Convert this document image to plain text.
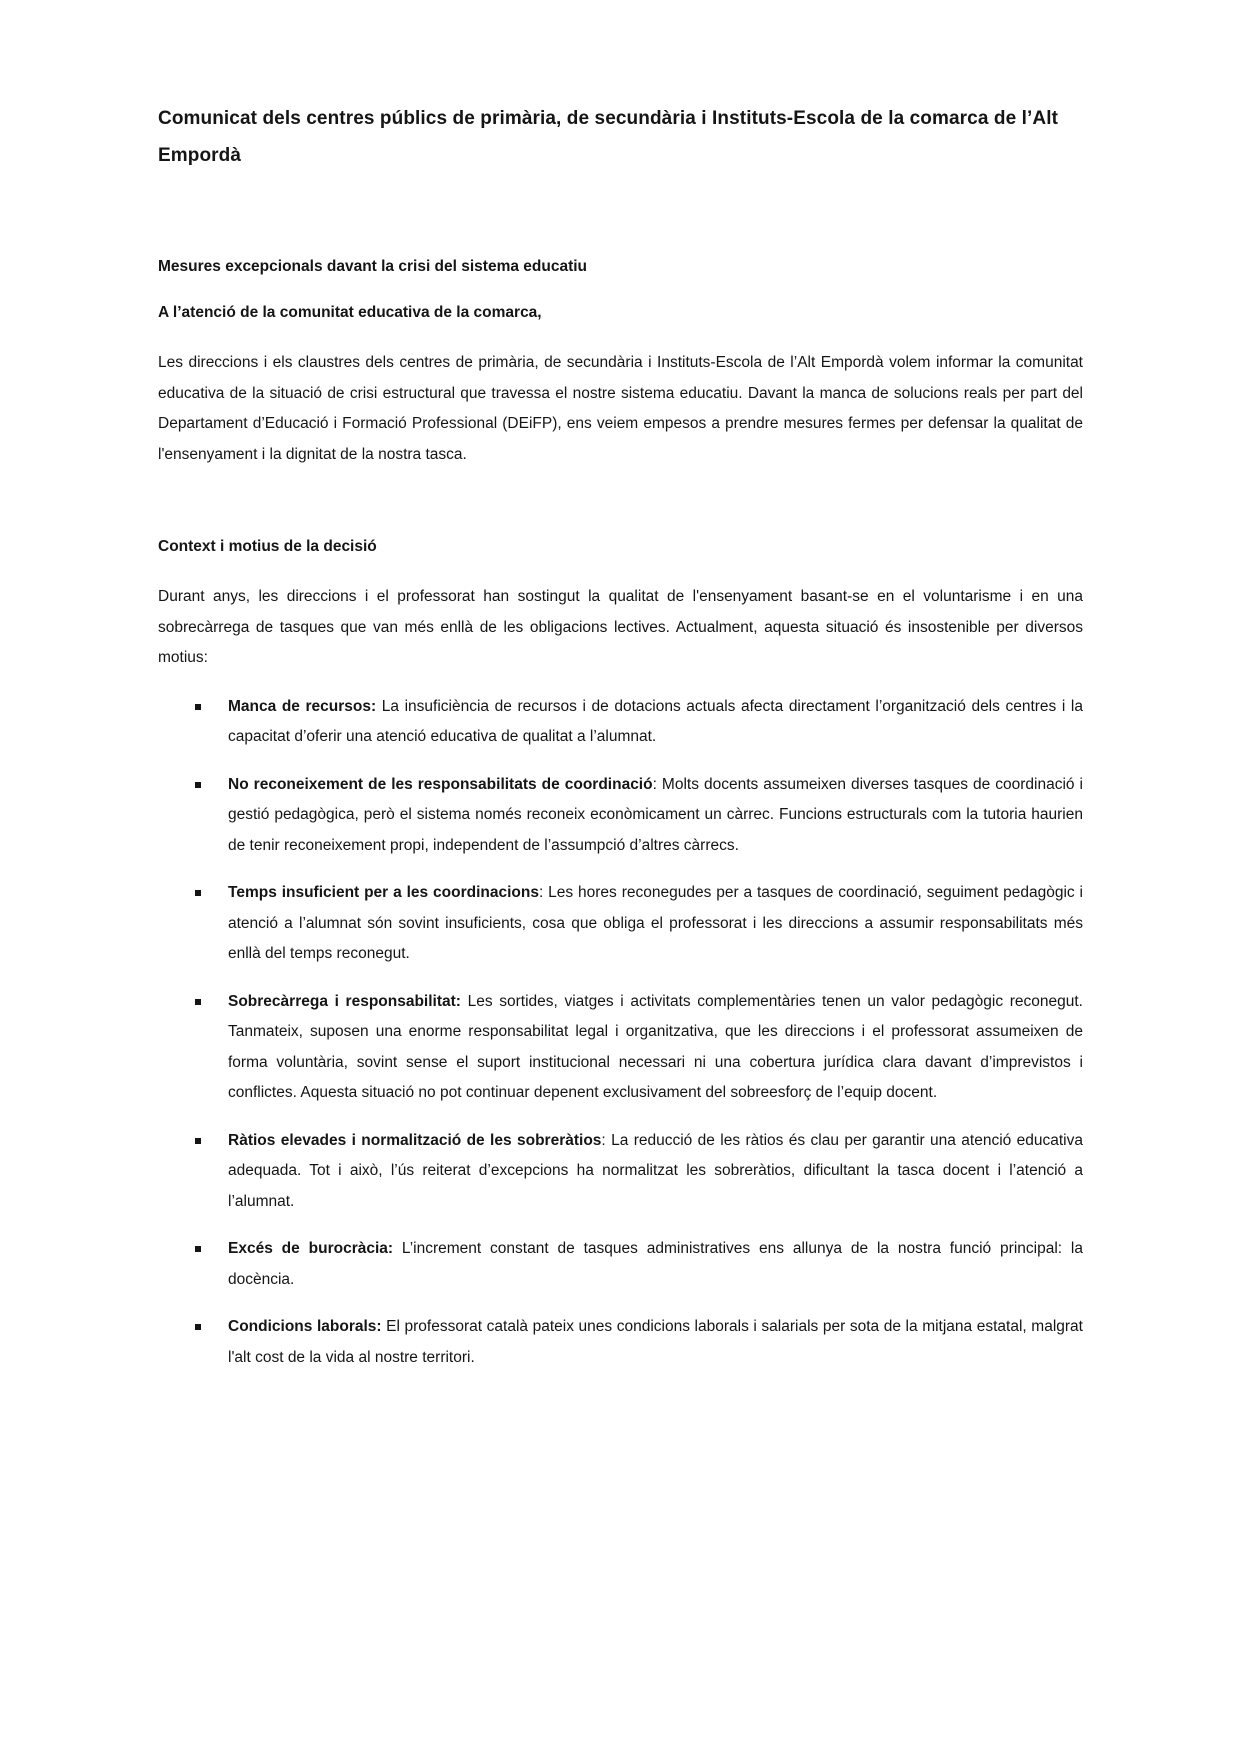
Comunicat dels centres públics de primària, de secundària i Instituts-Escola de la comarca de l’Alt Empordà

Mesures excepcionals davant la crisi del sistema educatiu

A l’atenció de la comunitat educativa de la comarca,

Les direccions i els claustres dels centres de primària, de secundària i Instituts-Escola de l’Alt Empordà volem informar la comunitat educativa de la situació de crisi estructural que travessa el nostre sistema educatiu. Davant la manca de solucions reals per part del Departament d’Educació i Formació Professional (DEiFP), ens veiem empesos a prendre mesures fermes per defensar la qualitat de l'ensenyament i la dignitat de la nostra tasca.

Context i motius de la decisió

Durant anys, les direccions i el professorat han sostingut la qualitat de l'ensenyament basant-se en el voluntarisme i en una sobrecàrrega de tasques que van més enllà de les obligacions lectives. Actualment, aquesta situació és insostenible per diversos motius:

Manca de recursos: La insuficiència de recursos i de dotacions actuals afecta directament l’organització dels centres i la capacitat d’oferir una atenció educativa de qualitat a l’alumnat.
No reconeixement de les responsabilitats de coordinació: Molts docents assumeixen diverses tasques de coordinació i gestió pedagògica, però el sistema només reconeix econòmicament un càrrec. Funcions estructurals com la tutoria haurien de tenir reconeixement propi, independent de l’assumpció d’altres càrrecs.
Temps insuficient per a les coordinacions: Les hores reconegudes per a tasques de coordinació, seguiment pedagògic i atenció a l’alumnat són sovint insuficients, cosa que obliga el professorat i les direccions a assumir responsabilitats més enllà del temps reconegut.
Sobrecàrrega i responsabilitat: Les sortides, viatges i activitats complementàries tenen un valor pedagògic reconegut. Tanmateix, suposen una enorme responsabilitat legal i organitzativa, que les direccions i el professorat assumeixen de forma voluntària, sovint sense el suport institucional necessari ni una cobertura jurídica clara davant d’imprevistos i conflictes. Aquesta situació no pot continuar depenent exclusivament del sobreesforç de l’equip docent.
Ràtios elevades i normalització de les sobreràtios: La reducció de les ràtios és clau per garantir una atenció educativa adequada. Tot i això, l’ús reiterat d’excepcions ha normalitzat les sobreràtios, dificultant la tasca docent i l’atenció a l’alumnat.
Excés de burocràcia: L’increment constant de tasques administratives ens allunya de la nostra funció principal: la docència.
Condicions laborals: El professorat català pateix unes condicions laborals i salarials per sota de la mitjana estatal, malgrat l'alt cost de la vida al nostre territori.
